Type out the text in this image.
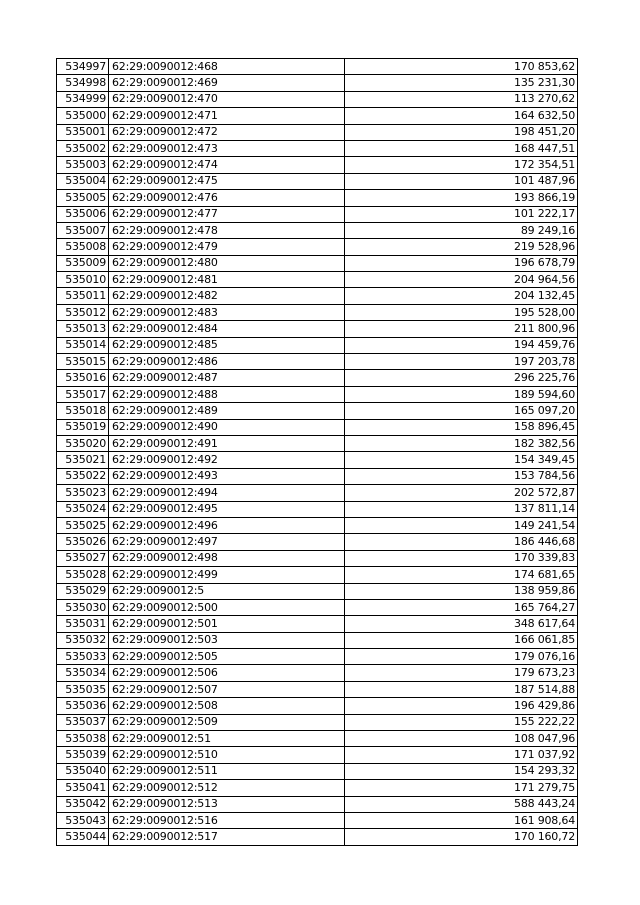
534997	62:29:0090012:468	170 853,62
534998	62:29:0090012:469	135 231,30
534999	62:29:0090012:470	113 270,62
535000	62:29:0090012:471	164 632,50
535001	62:29:0090012:472	198 451,20
535002	62:29:0090012:473	168 447,51
535003	62:29:0090012:474	172 354,51
535004	62:29:0090012:475	101 487,96
535005	62:29:0090012:476	193 866,19
535006	62:29:0090012:477	101 222,17
535007	62:29:0090012:478	89 249,16
535008	62:29:0090012:479	219 528,96
535009	62:29:0090012:480	196 678,79
535010	62:29:0090012:481	204 964,56
535011	62:29:0090012:482	204 132,45
535012	62:29:0090012:483	195 528,00
535013	62:29:0090012:484	211 800,96
535014	62:29:0090012:485	194 459,76
535015	62:29:0090012:486	197 203,78
535016	62:29:0090012:487	296 225,76
535017	62:29:0090012:488	189 594,60
535018	62:29:0090012:489	165 097,20
535019	62:29:0090012:490	158 896,45
535020	62:29:0090012:491	182 382,56
535021	62:29:0090012:492	154 349,45
535022	62:29:0090012:493	153 784,56
535023	62:29:0090012:494	202 572,87
535024	62:29:0090012:495	137 811,14
535025	62:29:0090012:496	149 241,54
535026	62:29:0090012:497	186 446,68
535027	62:29:0090012:498	170 339,83
535028	62:29:0090012:499	174 681,65
535029	62:29:0090012:5	138 959,86
535030	62:29:0090012:500	165 764,27
535031	62:29:0090012:501	348 617,64
535032	62:29:0090012:503	166 061,85
535033	62:29:0090012:505	179 076,16
535034	62:29:0090012:506	179 673,23
535035	62:29:0090012:507	187 514,88
535036	62:29:0090012:508	196 429,86
535037	62:29:0090012:509	155 222,22
535038	62:29:0090012:51	108 047,96
535039	62:29:0090012:510	171 037,92
535040	62:29:0090012:511	154 293,32
535041	62:29:0090012:512	171 279,75
535042	62:29:0090012:513	588 443,24
535043	62:29:0090012:516	161 908,64
535044	62:29:0090012:517	170 160,72
